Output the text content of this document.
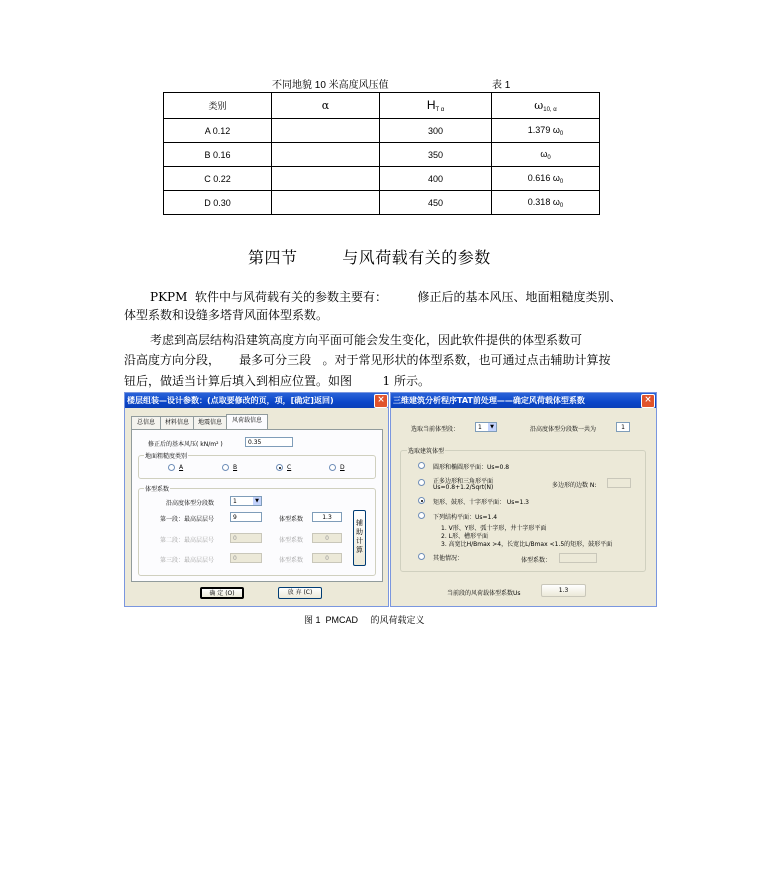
不同地貌 10 米高度风压值	表 1
类别	α	$H_{T \alpha}$	$\omega_{10, \alpha}$
A 0.12		300	1.379 $\omega_0$
B 0.16		350	$\omega_0$
C 0.22		400	0.616 $\omega_0$
D 0.30		450	0.318 $\omega_0$
第四节        与风荷载有关的参数
PKPM  软件中与风荷载有关的参数主要有：        修正后的基本风压、地面粗糙度类别、
体型系数和设缝多塔背风面体型系数。
考虑到高层结构沿建筑高度方向平面可能会发生变化，因此软件提供的体型系数可
沿高度方向分段，     最多可分三段   。对于常见形状的体型系数，也可通过点击辅助计算按
钮后，做适当计算后填入到相应位置。如图        1 所示。
楼层组装—设计参数：(点取要修改的页，项，[确定]返回)	×
总信息	材料信息	地震信息	风荷载信息
修正后的基本风压( kN/m² )	0.35
地面粗糙度类别
A	B	C	D
体型系数
沿高度体型分段数	1	▼
第一段：最高层层号	9	体型系数	1.3
第二段：最高层层号	0	体型系数	0
第三段：最高层层号	0	体型系数	0
辅助计算
确 定 (O)	放 弃 (C)
三维建筑分析程序TAT前处理——确定风荷载体型系数	×
选取当前体型段：	1	▼	沿高度体型分段数一共为	1
选取建筑体型
圆形和椭圆形平面：Us=0.8
正多边形和三角形平面
Us=0.8+1.2/Sqrt(N)	多边形的边数 N:
矩形、鼓形、十字形平面： Us=1.3
下列结构平面：Us=1.4
1. V形、Y形、弧十字形，井十字形平面
2. L形、槽形平面
3. 高宽比H/Bmax >4，长宽比L/Bmax <1.5的矩形，鼓形平面
其他情况：	体型系数：
当前段的风荷载体型系数Us	1.3
图 1  PMCAD     的风荷载定义
